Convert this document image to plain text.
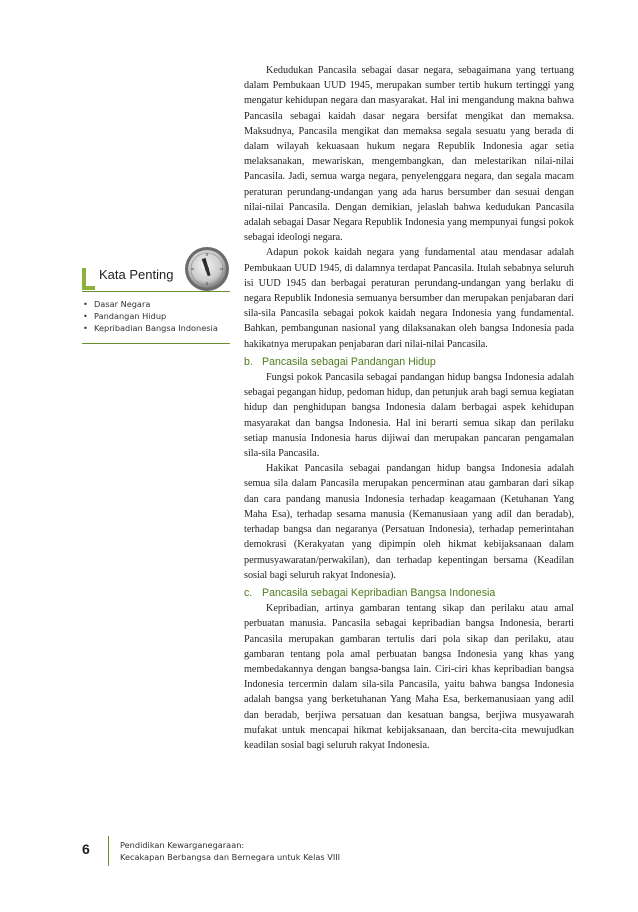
Kedudukan Pancasila sebagai dasar negara, sebagaimana yang tertuang dalam Pembukaan UUD 1945, merupakan sumber tertib hukum tertinggi yang mengatur kehidupan negara dan masyarakat. Hal ini mengandung makna bahwa Pancasila sebagai kaidah dasar negara bersifat mengikat dan memaksa. Maksudnya, Pancasila mengikat dan memaksa segala sesuatu yang berada di dalam wilayah kekuasaan hukum negara Republik Indonesia agar setia melaksanakan, mewariskan, mengembangkan, dan melestarikan nilai-nilai Pancasila. Jadi, semua warga negara, penyelenggara negara, dan segala macam peraturan perundang-undangan yang ada harus bersumber dan sesuai dengan nilai-nilai Pancasila. Dengan demikian, jelaslah bahwa kedudukan Pancasila adalah sebagai Dasar Negara Republik Indonesia yang mempunyai fungsi pokok sebagai ideologi negara.

Adapun pokok kaidah negara yang fundamental atau mendasar adalah Pembukaan UUD 1945, di dalamnya terdapat Pancasila. Itulah sebabnya seluruh isi UUD 1945 dan berbagai peraturan perundang-undangan yang berlaku di negara Republik Indonesia semuanya bersumber dan merupakan penjabaran dari sila-sila Pancasila sebagai pokok kaidah negara Indonesia yang fundamental. Bahkan, pembangunan nasional yang dilaksanakan oleh bangsa Indonesia pada hakikatnya merupakan penjabaran dari nilai-nilai Pancasila.

b. Pancasila sebagai Pandangan Hidup

Fungsi pokok Pancasila sebagai pandangan hidup bangsa Indonesia adalah sebagai pegangan hidup, pedoman hidup, dan petunjuk arah bagi semua kegiatan hidup dan penghidupan bangsa Indonesia dalam berbagai aspek kehidupan masyarakat dan bangsa Indonesia. Hal ini berarti semua sikap dan perilaku setiap manusia Indonesia harus dijiwai dan merupakan pancaran pengamalan sila-sila Pancasila.

Hakikat Pancasila sebagai pandangan hidup bangsa Indonesia adalah semua sila dalam Pancasila merupakan pencerminan atau gambaran dari sikap dan cara pandang manusia Indonesia terhadap keagamaan (Ketuhanan Yang Maha Esa), terhadap sesama manusia (Kemanusiaan yang adil dan beradab), terhadap bangsa dan negaranya (Persatuan Indonesia), terhadap pemerintahan demokrasi (Kerakyatan yang dipimpin oleh hikmat kebijaksanaan dalam permusyawaratan/perwakilan), dan terhadap kepentingan bersama (Keadilan sosial bagi seluruh rakyat Indonesia).

c. Pancasila sebagai Kepribadian Bangsa Indonesia

Kepribadian, artinya gambaran tentang sikap dan perilaku atau amal perbuatan manusia. Pancasila sebagai kepribadian bangsa Indonesia, berarti Pancasila merupakan gambaran tertulis dari pola sikap dan perilaku, atau gambaran tentang pola amal perbuatan bangsa Indonesia yang khas yang membedakannya dengan bangsa-bangsa lain. Ciri-ciri khas kepribadian bangsa Indonesia tercermin dalam sila-sila Pancasila, yaitu bahwa bangsa Indonesia adalah bangsa yang berketuhanan Yang Maha Esa, berkemanusiaan yang adil dan beradab, berjiwa persatuan dan kesatuan bangsa, berjiwa musyawarah mufakat untuk mencapai hikmat kebijaksanaan, dan bercita-cita mewujudkan keadilan sosial bagi seluruh rakyat Indonesia.

Kata Penting
• Dasar Negara
• Pandangan Hidup
• Kepribadian Bangsa Indonesia
6	Pendidikan Kewarganegaraan:
Kecakapan Berbangsa dan Bernegara untuk Kelas VIII
